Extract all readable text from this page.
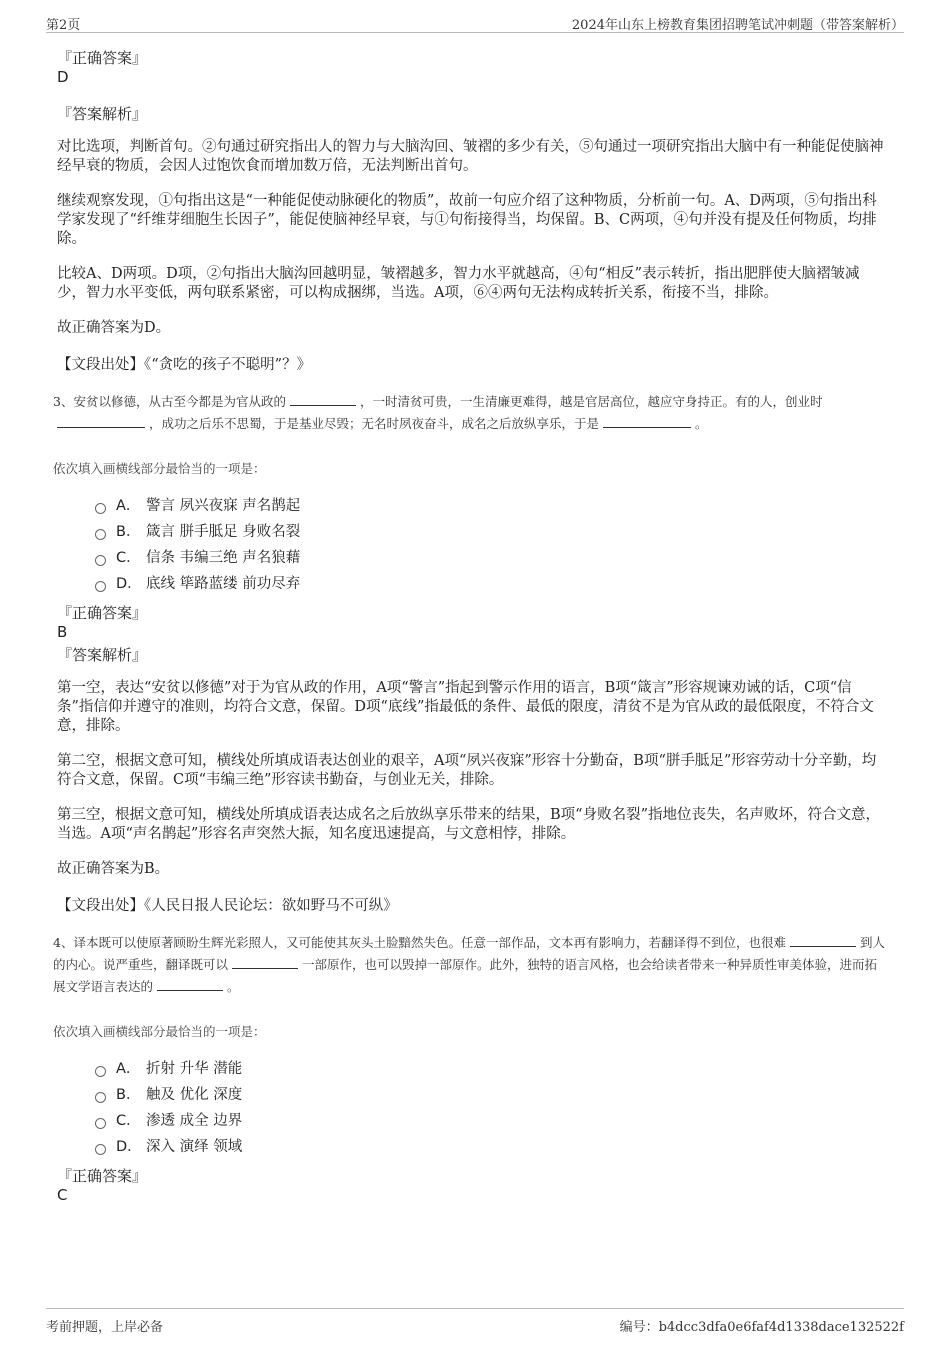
第2页	2024年山东上榜教育集团招聘笔试冲刺题（带答案解析）
『正确答案』
D
『答案解析』
对比选项，判断首句。②句通过研究指出人的智力与大脑沟回、皱褶的多少有关，⑤句通过一项研究指出大脑中有一种能促使脑神经早衰的物质，会因人过饱饮食而增加数万倍，无法判断出首句。
继续观察发现，①句指出这是“一种能促使动脉硬化的物质”，故前一句应介绍了这种物质，分析前一句。A、D两项，⑤句指出科学家发现了“纤维芽细胞生长因子”，能促使脑神经早衰，与①句衔接得当，均保留。B、C两项，④句并没有提及任何物质，均排除。
比较A、D两项。D项，②句指出大脑沟回越明显，皱褶越多，智力水平就越高，④句“相反”表示转折，指出肥胖使大脑褶皱减少，智力水平变低，两句联系紧密，可以构成捆绑，当选。A项，⑥④两句无法构成转折关系，衔接不当，排除。
故正确答案为D。
【文段出处】《“贪吃的孩子不聪明”？》
3、安贫以修德，从古至今都是为官从政的	，一时清贫可贵，一生清廉更难得，越是官居高位，越应守身持正。有的人，创业时，成功之后乐不思蜀，于是基业尽毁；无名时夙夜奋斗，成名之后放纵享乐，于是	。
依次填入画横线部分最恰当的一项是：
A． 警言 夙兴夜寐 声名鹊起
B． 箴言 胼手胝足 身败名裂
C． 信条 韦编三绝 声名狼藉
D． 底线 筚路蓝缕 前功尽弃
『正确答案』
B
『答案解析』
第一空，表达“安贫以修德”对于为官从政的作用，A项“警言”指起到警示作用的语言，B项“箴言”形容规谏劝诫的话，C项“信条”指信仰并遵守的准则，均符合文意，保留。D项“底线”指最低的条件、最低的限度，清贫不是为官从政的最低限度，不符合文意，排除。
第二空，根据文意可知，横线处所填成语表达创业的艰辛，A项“夙兴夜寐”形容十分勤奋，B项“胼手胝足”形容劳动十分辛勤，均符合文意，保留。C项“韦编三绝”形容读书勤奋，与创业无关，排除。
第三空，根据文意可知，横线处所填成语表达成名之后放纵享乐带来的结果，B项“身败名裂”指地位丧失，名声败坏，符合文意，当选。A项“声名鹊起”形容名声突然大振，知名度迅速提高，与文意相悖，排除。
故正确答案为B。
【文段出处】《人民日报人民论坛：欲如野马不可纵》
4、译本既可以使原著顾盼生辉光彩照人，又可能使其灰头土脸黯然失色。任意一部作品，文本再有影响力，若翻译得不到位，也很难	到人的内心。说严重些，翻译既可以	一部原作，也可以毁掉一部原作。此外，独特的语言风格，也会给读者带来一种异质性审美体验，进而拓展文学语言表达的	。
依次填入画横线部分最恰当的一项是：
A． 折射 升华 潜能
B． 触及 优化 深度
C． 渗透 成全 边界
D． 深入 演绎 领域
『正确答案』
C
考前押题，上岸必备	编号：b4dcc3dfa0e6faf4d1338dace132522f
